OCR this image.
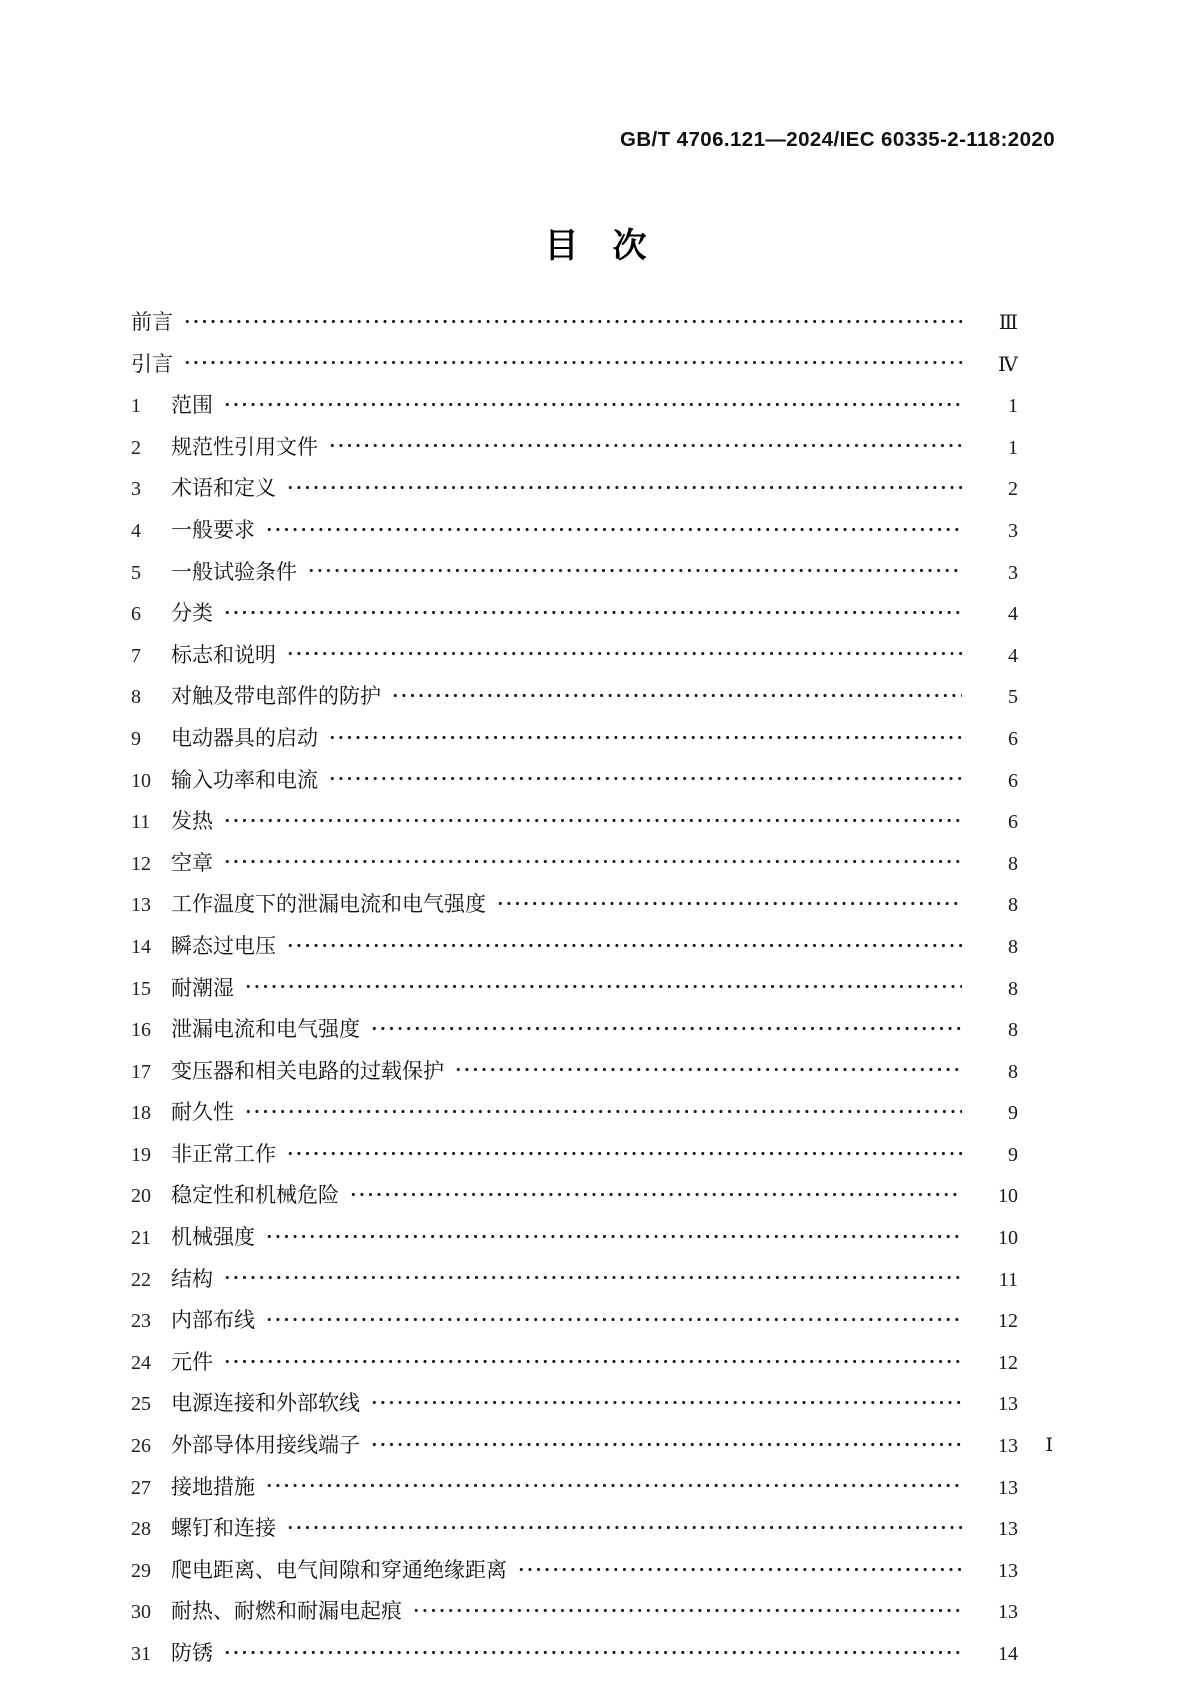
GB/T 4706.121—2024/IEC 60335-2-118:2020
目次
前言	Ⅲ
引言	Ⅳ
1	范围	1
2	规范性引用文件	1
3	术语和定义	2
4	一般要求	3
5	一般试验条件	3
6	分类	4
7	标志和说明	4
8	对触及带电部件的防护	5
9	电动器具的启动	6
10 输入功率和电流	6
11 发热	6
12 空章	8
13 工作温度下的泄漏电流和电气强度	8
14 瞬态过电压	8
15 耐潮湿	8
16 泄漏电流和电气强度	8
17 变压器和相关电路的过载保护	8
18 耐久性	9
19 非正常工作	9
20 稳定性和机械危险	10
21 机械强度	10
22 结构	11
23 内部布线	12
24 元件	12
25 电源连接和外部软线	13
26 外部导体用接线端子	13
27 接地措施	13
28 螺钉和连接	13
29 爬电距离、电气间隙和穿通绝缘距离	13
30 耐热、耐燃和耐漏电起痕	13
31 防锈	14
Ⅰ
